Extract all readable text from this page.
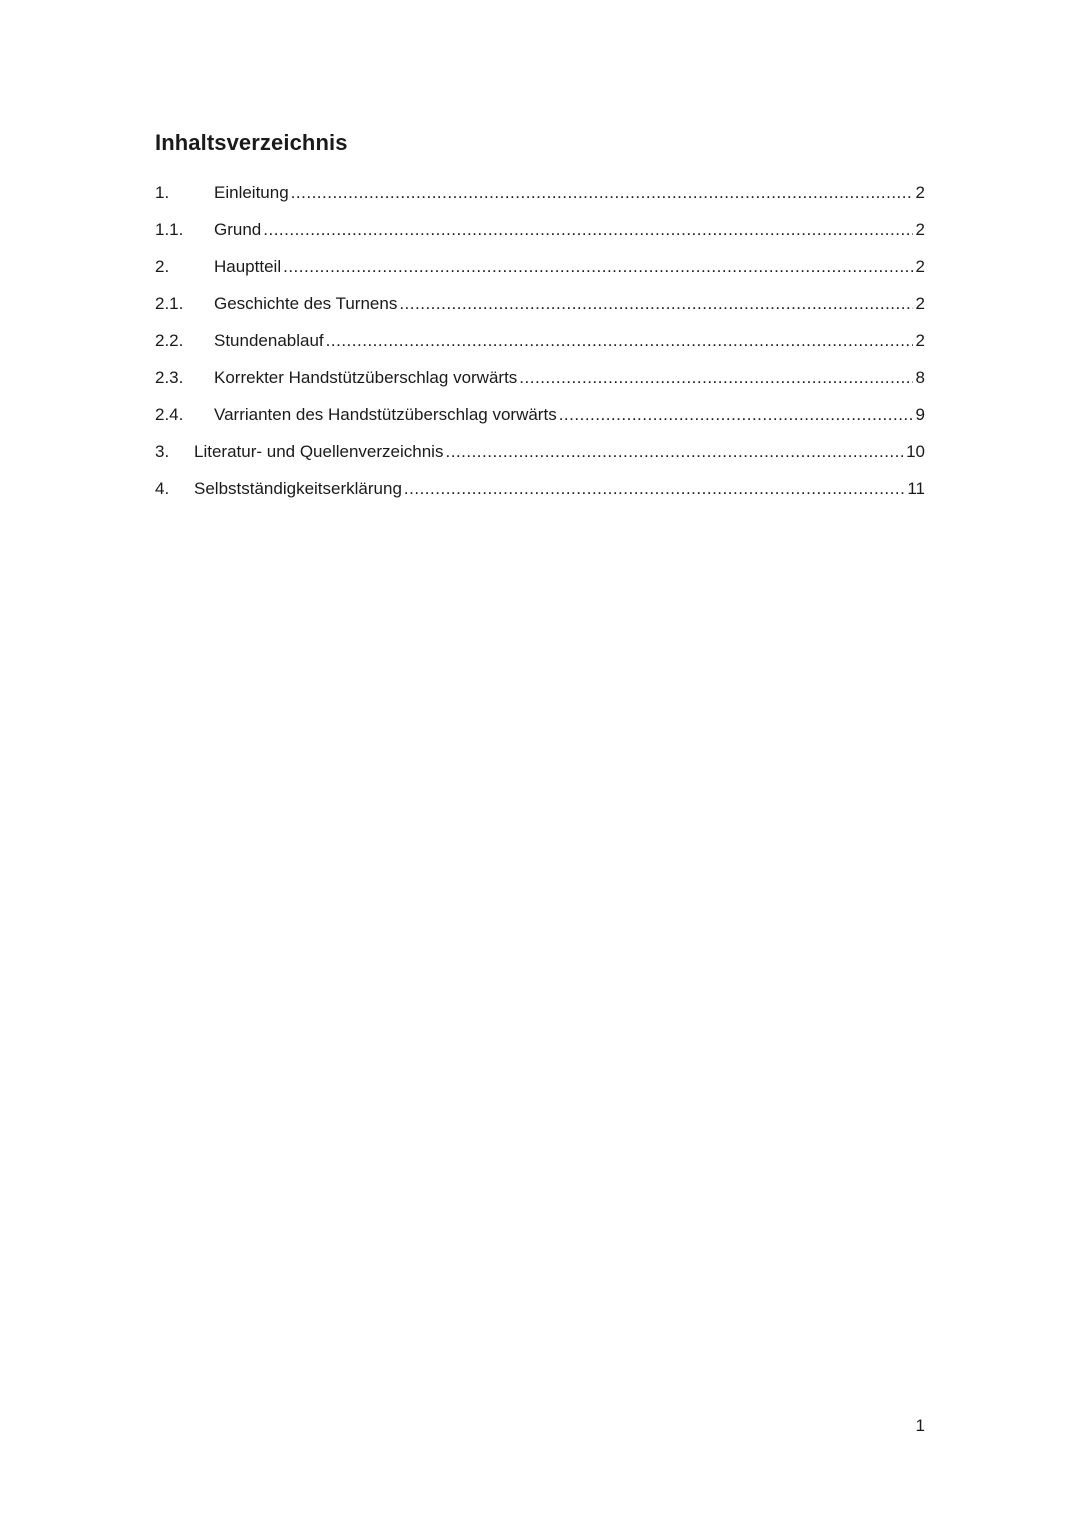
Inhaltsverzeichnis
1.	Einleitung .....	2
1.1.	Grund .....	2
2.	Hauptteil .....	2
2.1.	Geschichte des Turnens .....	2
2.2.	Stundenablauf .....	2
2.3.	Korrekter Handstützüberschlag vorwärts .....	8
2.4.	Varrianten des Handstützüberschlag vorwärts .....	9
3.	Literatur- und Quellenverzeichnis .....	10
4.	Selbstständigkeitserklärung .....	11
1
